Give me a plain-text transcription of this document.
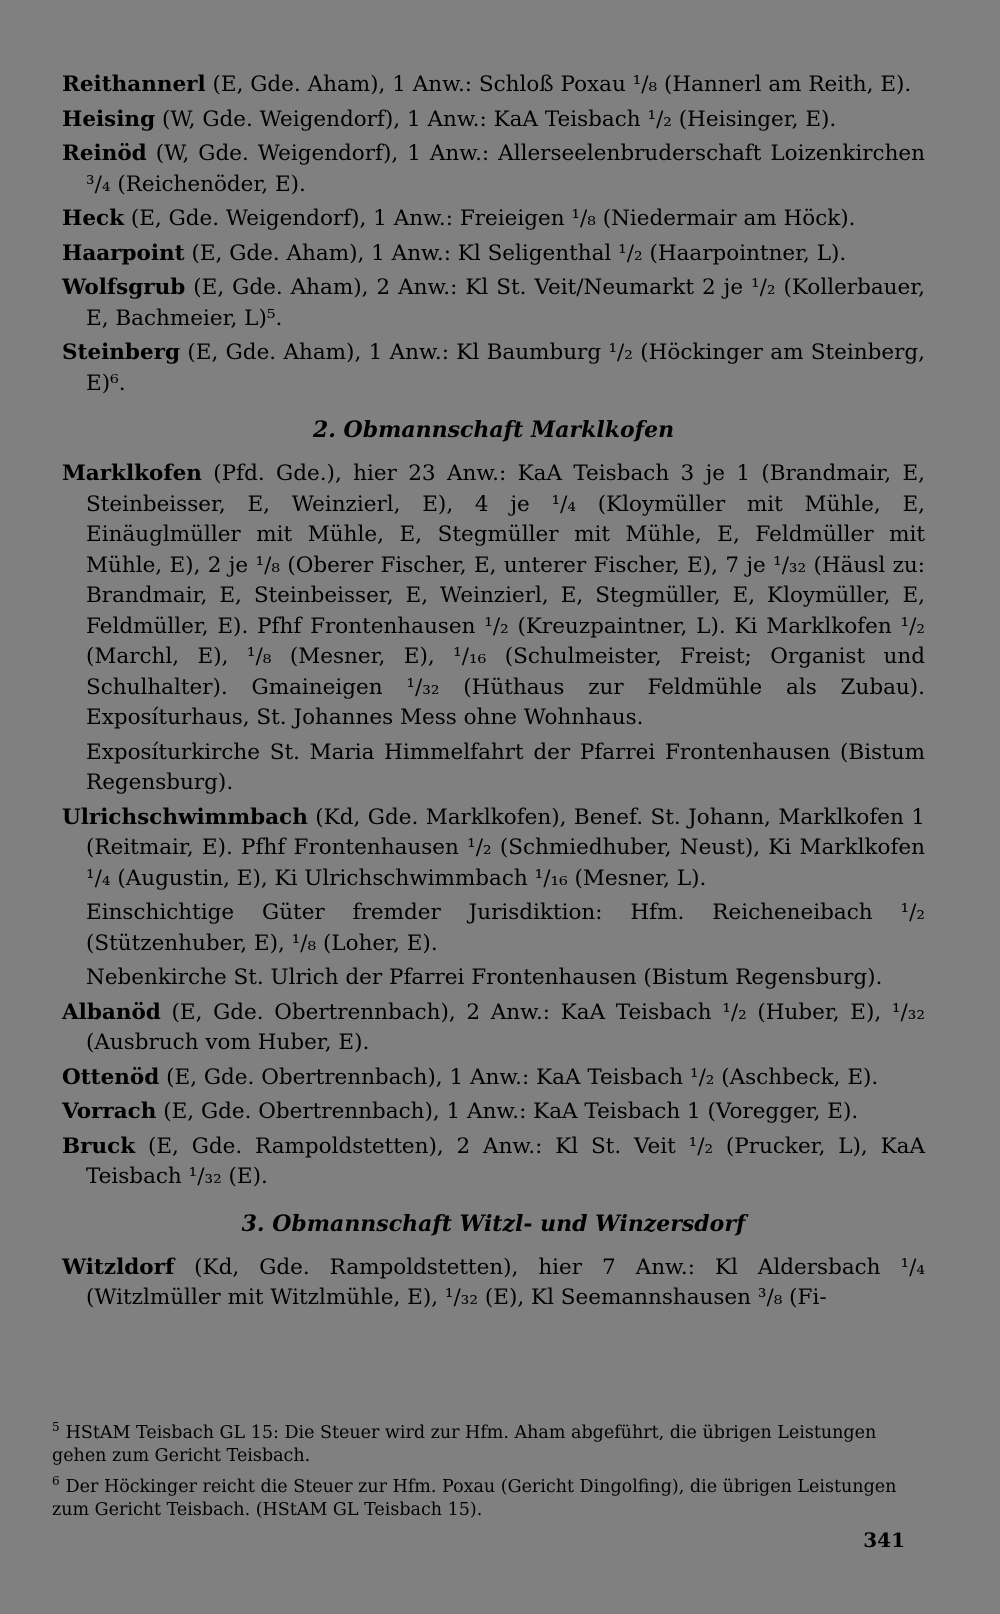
Reithannerl (E, Gde. Aham), 1 Anw.: Schloß Poxau ¹/₈ (Hannerl am Reith, E).

Heising (W, Gde. Weigendorf), 1 Anw.: KaA Teisbach ¹/₂ (Heisinger, E).

Reinöd (W, Gde. Weigendorf), 1 Anw.: Allerseelenbruderschaft Loizenkirchen ³/₄ (Reichenöder, E).

Heck (E, Gde. Weigendorf), 1 Anw.: Freieigen ¹/₈ (Niedermair am Höck).

Haarpoint (E, Gde. Aham), 1 Anw.: Kl Seligenthal ¹/₂ (Haarpointner, L).

Wolfsgrub (E, Gde. Aham), 2 Anw.: Kl St. Veit/Neumarkt 2 je ¹/₂ (Kollerbauer, E, Bachmeier, L)⁵.

Steinberg (E, Gde. Aham), 1 Anw.: Kl Baumburg ¹/₂ (Höckinger am Steinberg, E)⁶.

2. Obmannschaft Marklkofen

Marklkofen (Pfd. Gde.), hier 23 Anw.: KaA Teisbach 3 je 1 (Brandmair, E, Steinbeisser, E, Weinzierl, E), 4 je ¹/₄ (Kloymüller mit Mühle, E, Einäuglmüller mit Mühle, E, Stegmüller mit Mühle, E, Feldmüller mit Mühle, E), 2 je ¹/₈ (Oberer Fischer, E, unterer Fischer, E), 7 je ¹/₃₂ (Häusl zu: Brandmair, E, Steinbeisser, E, Weinzierl, E, Stegmüller, E, Kloymüller, E, Feldmüller, E). Pfhf Frontenhausen ¹/₂ (Kreuzpaintner, L). Ki Marklkofen ¹/₂ (Marchl, E), ¹/₈ (Mesner, E), ¹/₁₆ (Schulmeister, Freist; Organist und Schulhalter). Gmaineigen ¹/₃₂ (Hüthaus zur Feldmühle als Zubau). Exposíturhaus, St. Johannes Mess ohne Wohnhaus.

Exposíturkirche St. Maria Himmelfahrt der Pfarrei Frontenhausen (Bistum Regensburg).

Ulrichschwimmbach (Kd, Gde. Marklkofen), Benef. St. Johann, Marklkofen 1 (Reitmair, E). Pfhf Frontenhausen ¹/₂ (Schmiedhuber, Neust), Ki Marklkofen ¹/₄ (Augustin, E), Ki Ulrichschwimmbach ¹/₁₆ (Mesner, L).

Einschichtige Güter fremder Jurisdiktion: Hfm. Reicheneibach ¹/₂ (Stützenhuber, E), ¹/₈ (Loher, E).

Nebenkirche St. Ulrich der Pfarrei Frontenhausen (Bistum Regensburg).

Albanöd (E, Gde. Obertrennbach), 2 Anw.: KaA Teisbach ¹/₂ (Huber, E), ¹/₃₂ (Ausbruch vom Huber, E).

Ottenöd (E, Gde. Obertrennbach), 1 Anw.: KaA Teisbach ¹/₂ (Aschbeck, E).

Vorrach (E, Gde. Obertrennbach), 1 Anw.: KaA Teisbach 1 (Voregger, E).

Bruck (E, Gde. Rampoldstetten), 2 Anw.: Kl St. Veit ¹/₂ (Prucker, L), KaA Teisbach ¹/₃₂ (E).

3. Obmannschaft Witzl- und Winzersdorf

Witzldorf (Kd, Gde. Rampoldstetten), hier 7 Anw.: Kl Aldersbach ¹/₄ (Witzlmüller mit Witzlmühle, E), ¹/₃₂ (E), Kl Seemannshausen ³/₈ (Fi-

$^5$ HStAM Teisbach GL 15: Die Steuer wird zur Hfm. Aham abgeführt, die übrigen Leistungen gehen zum Gericht Teisbach.

$^6$ Der Höckinger reicht die Steuer zur Hfm. Poxau (Gericht Dingolfing), die übrigen Leistungen zum Gericht Teisbach. (HStAM GL Teisbach 15).

341
